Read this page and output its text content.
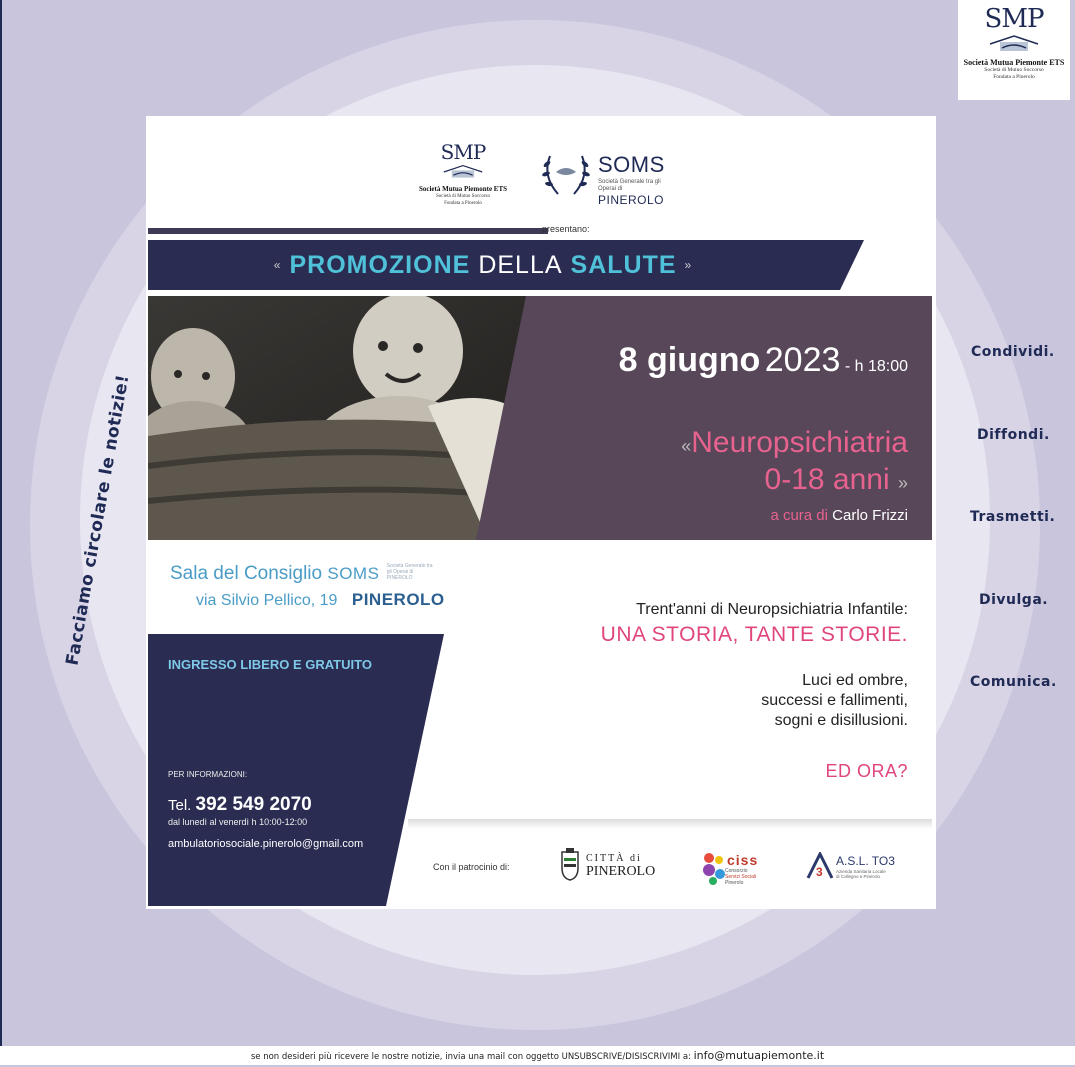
SMP
Società Mutua Piemonte ETS
Società di Mutuo Soccorso
Fondata a Pinerolo
Facciamo circolare le notizie!
Condividi.
Diffondi.
Trasmetti.
Divulga.
Comunica.
SMP
Società Mutua Piemonte ETS
Società di Mutuo Soccorso
Fondata a Pinerolo
SOMS
Società Generale tra gli Operai di
PINEROLO
presentano:
« PROMOZIONE DELLA SALUTE »
8 giugno 2023 - h 18:00
«Neuropsichiatria
0-18 anni »
a cura di Carlo Frizzi
Sala del Consiglio SOMS Società Generale tra gli Operai di PINEROLO
via Silvio Pellico, 19 PINEROLO
INGRESSO LIBERO E GRATUITO
PER INFORMAZIONI:
Tel. 392 549 2070
dal lunedì al venerdì h 10:00-12:00
ambulatoriosociale.pinerolo@gmail.com
Trent'anni di Neuropsichiatria Infantile:
UNA STORIA, TANTE STORIE.
Luci ed ombre,
successi e fallimenti,
sogni e disillusioni.
ED ORA?
Con il patrocinio di:
CITTÀ di
PINEROLO
ciss
Consorzio
Servizi Sociali
Pinerolo
3
A.S.L. TO3
Azienda Sanitaria Locale
di Collegno e Pinerolo
se non desideri più ricevere le nostre notizie, invia una mail con oggetto UNSUBSCRIVE/DISISCRIVIMI a: info@mutuapiemonte.it
